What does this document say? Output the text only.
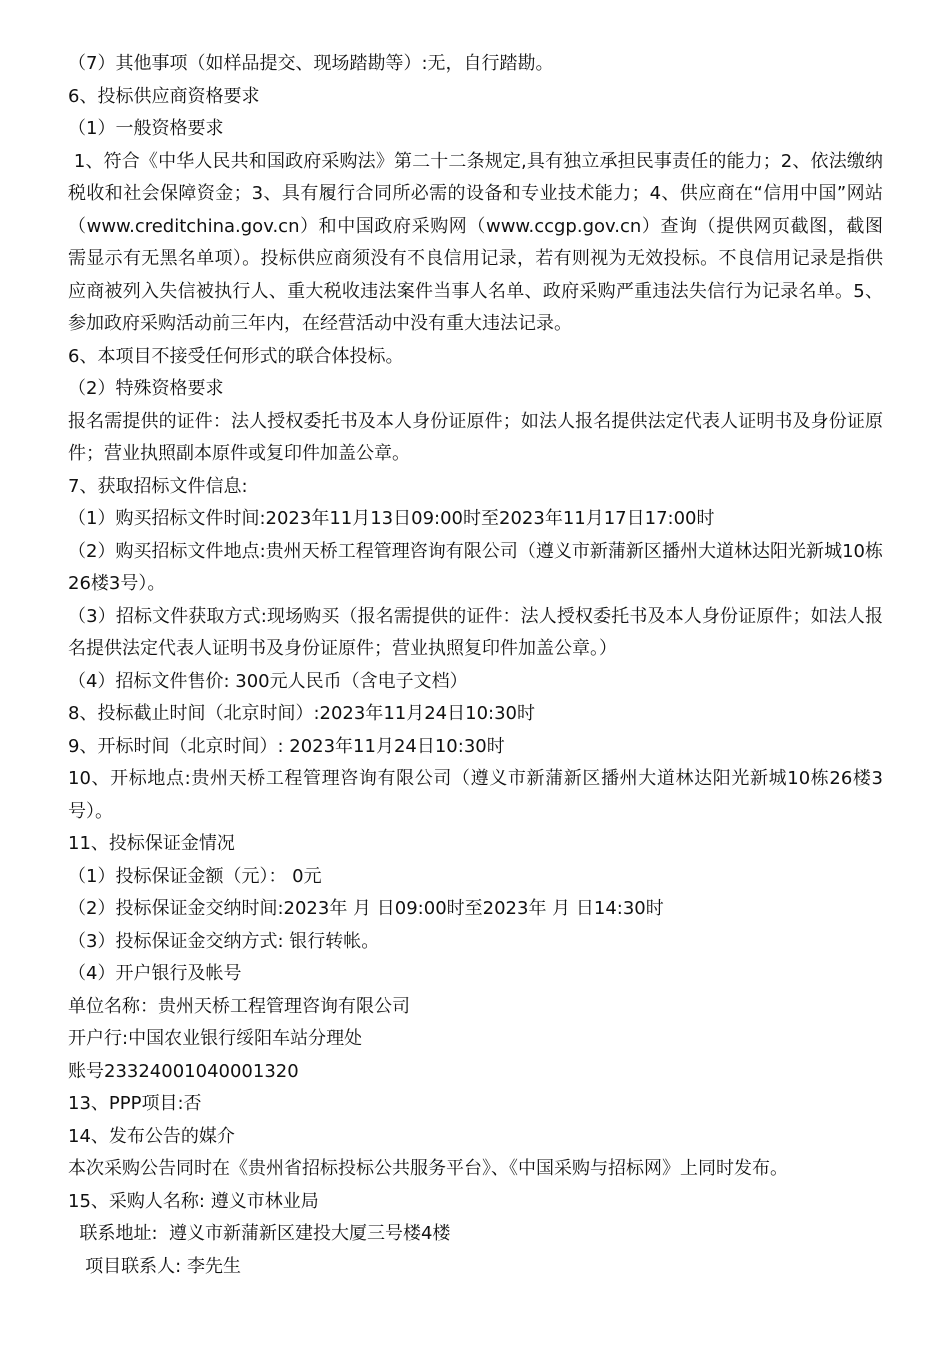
（7）其他事项（如样品提交、现场踏勘等）:无，自行踏勘。

6、投标供应商资格要求

（1）一般资格要求

1、符合《中华人民共和国政府采购法》第二十二条规定,具有独立承担民事责任的能力；2、依法缴纳税收和社会保障资金；3、具有履行合同所必需的设备和专业技术能力；4、供应商在“信用中国”网站（www.creditchina.gov.cn）和中国政府采购网（www.ccgp.gov.cn）查询（提供网页截图，截图需显示有无黑名单项）。投标供应商须没有不良信用记录，若有则视为无效投标。不良信用记录是指供应商被列入失信被执行人、重大税收违法案件当事人名单、政府采购严重违法失信行为记录名单。5、参加政府采购活动前三年内，在经营活动中没有重大违法记录。

6、本项目不接受任何形式的联合体投标。

（2）特殊资格要求

报名需提供的证件：法人授权委托书及本人身份证原件；如法人报名提供法定代表人证明书及身份证原件；营业执照副本原件或复印件加盖公章。

7、获取招标文件信息:

（1）购买招标文件时间:2023年11月13日09:00时至2023年11月17日17:00时

（2）购买招标文件地点:贵州天桥工程管理咨询有限公司（遵义市新蒲新区播州大道林达阳光新城10栋26楼3号）。

（3）招标文件获取方式:现场购买（报名需提供的证件：法人授权委托书及本人身份证原件；如法人报名提供法定代表人证明书及身份证原件；营业执照复印件加盖公章。）

（4）招标文件售价: 300元人民币（含电子文档）

8、投标截止时间（北京时间）:2023年11月24日10:30时

9、开标时间（北京时间）: 2023年11月24日10:30时

10、开标地点:贵州天桥工程管理咨询有限公司（遵义市新蒲新区播州大道林达阳光新城10栋26楼3号）。

11、投标保证金情况

（1）投标保证金额（元）： 0元

（2）投标保证金交纳时间:2023年 月 日09:00时至2023年 月 日14:30时

（3）投标保证金交纳方式: 银行转帐。

（4）开户银行及帐号

单位名称：贵州天桥工程管理咨询有限公司

开户行:中国农业银行绥阳车站分理处

账号23324001040001320

13、PPP项目:否

14、发布公告的媒介

本次采购公告同时在《贵州省招标投标公共服务平台》、《中国采购与招标网》上同时发布。

15、采购人名称: 遵义市林业局

联系地址:  遵义市新蒲新区建投大厦三号楼4楼

项目联系人: 李先生
